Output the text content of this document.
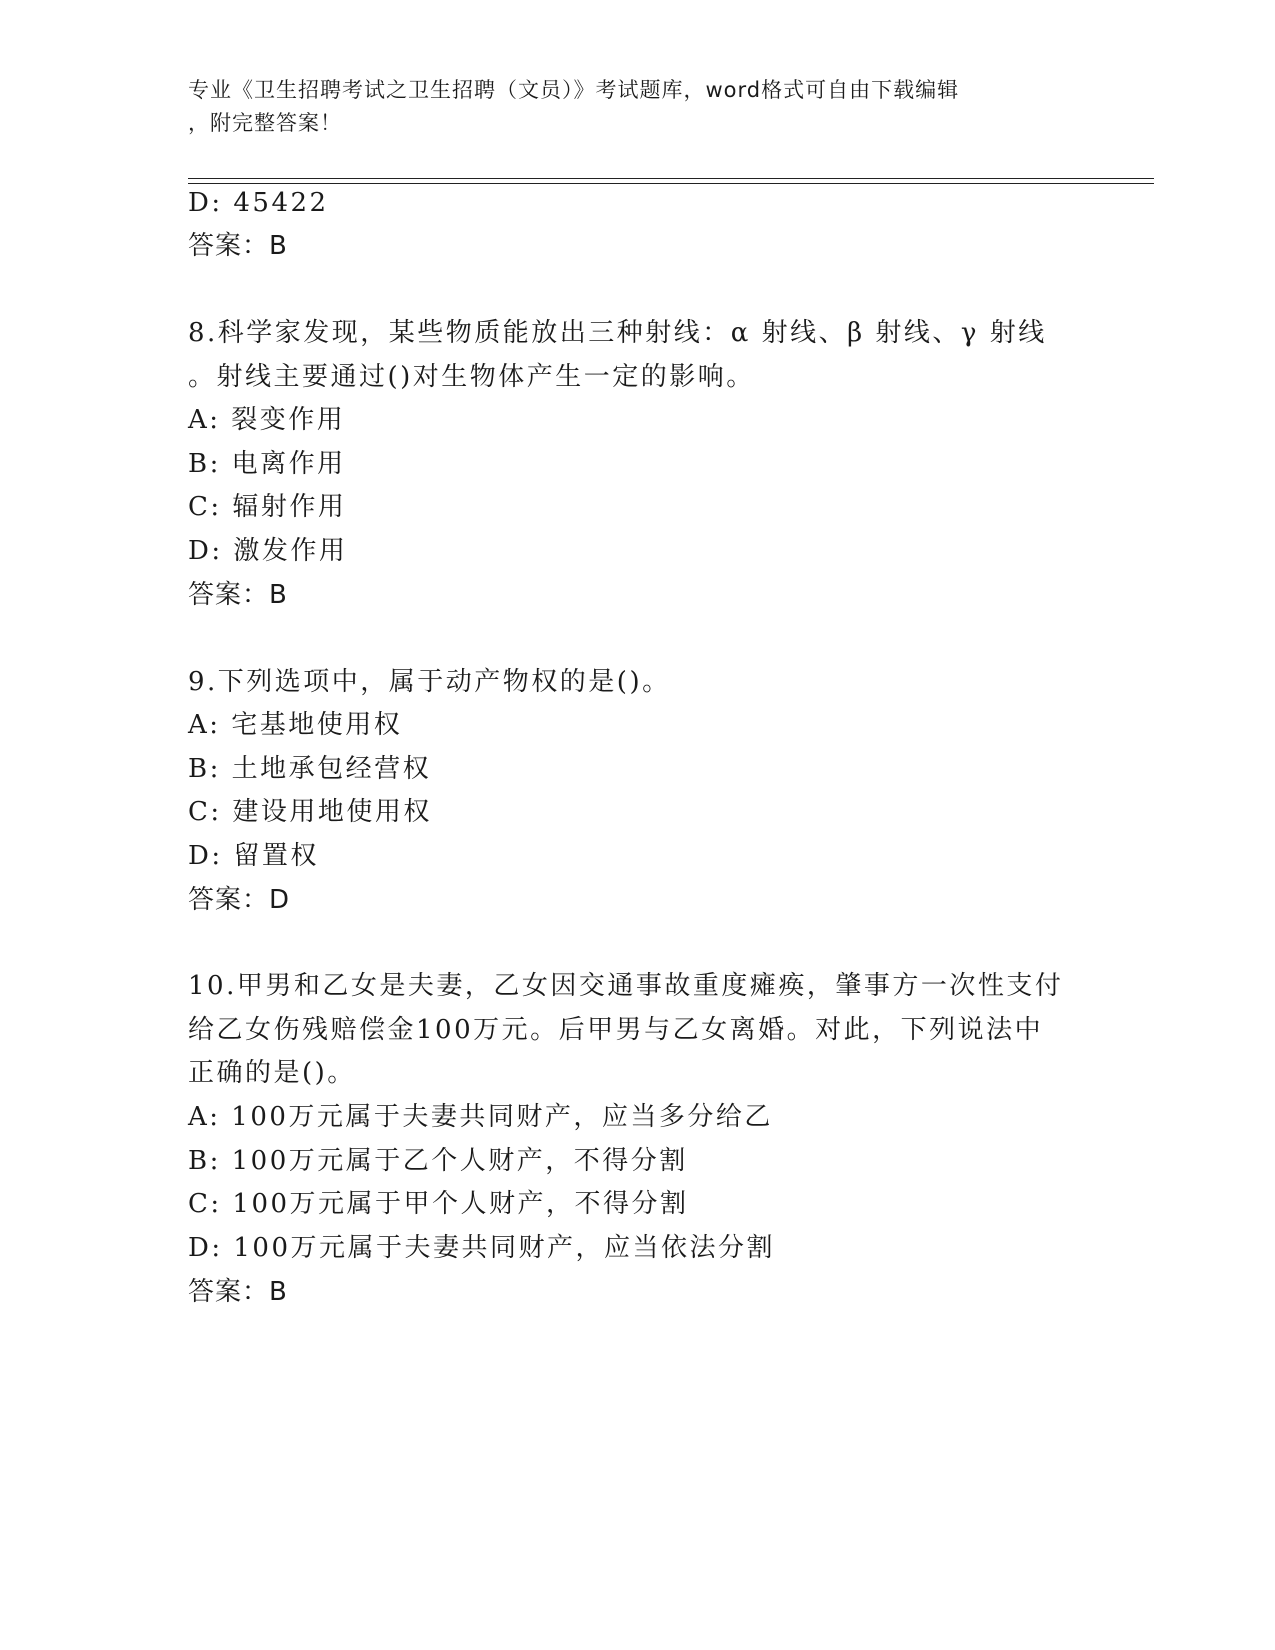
专业《卫生招聘考试之卫生招聘（文员）》考试题库，word格式可自由下载编辑

，附完整答案！

D: 45422

答案：B

8.科学家发现，某些物质能放出三种射线：α 射线、β 射线、γ 射线

。射线主要通过()对生物体产生一定的影响。

A: 裂变作用

B: 电离作用

C: 辐射作用

D: 激发作用

答案：B

9.下列选项中，属于动产物权的是()。

A: 宅基地使用权

B: 土地承包经营权

C: 建设用地使用权

D: 留置权

答案：D

10.甲男和乙女是夫妻，乙女因交通事故重度瘫痪，肇事方一次性支付

给乙女伤残赔偿金100万元。后甲男与乙女离婚。对此，下列说法中

正确的是()。

A: 100万元属于夫妻共同财产，应当多分给乙

B: 100万元属于乙个人财产，不得分割

C: 100万元属于甲个人财产，不得分割

D: 100万元属于夫妻共同财产，应当依法分割

答案：B
